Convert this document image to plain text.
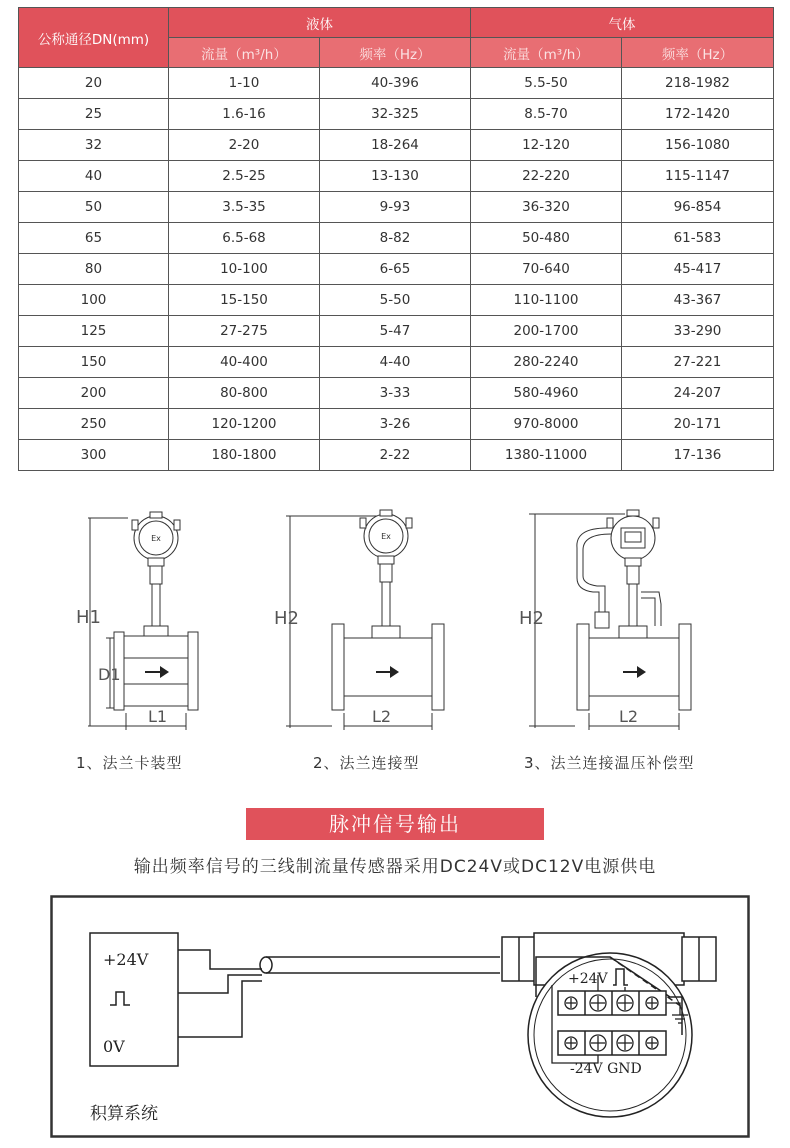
公称通径DN(mm)	液体		气体	
	流量（m³/h）	频率（Hz）	流量（m³/h）	频率（Hz）
20	1-10	40-396	5.5-50	218-1982
25	1.6-16	32-325	8.5-70	172-1420
32	2-20	18-264	12-120	156-1080
40	2.5-25	13-130	22-220	115-1147
50	3.5-35	9-93	36-320	96-854
65	6.5-68	8-82	50-480	61-583
80	10-100	6-65	70-640	45-417
100	15-150	5-50	110-1100	43-367
125	27-275	5-47	200-1700	33-290
150	40-400	4-40	280-2240	27-221
200	80-800	3-33	580-4960	24-207
250	120-1200	3-26	970-8000	20-171
300	180-1800	2-22	1380-11000	17-136
Ex
H1
D1
L1
1、法兰卡装型
Ex
H2
L2
2、法兰连接型
H2
L2
3、法兰连接温压补偿型
脉冲信号输出
输出频率信号的三线制流量传感器采用DC24V或DC12V电源供电
+24V
0V
+24V
-24V GND
积算系统
